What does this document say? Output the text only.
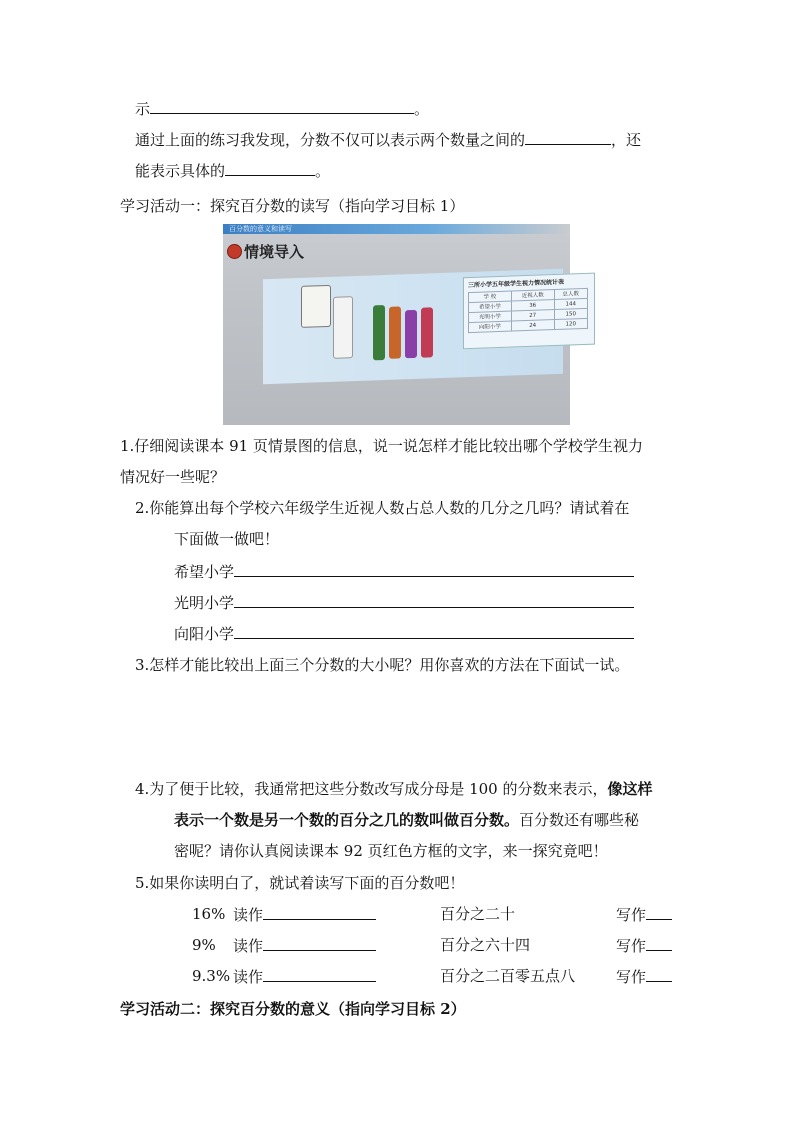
示	。
通过上面的练习我发现，分数不仅可以表示两个数量之间的	，还
能表示具体的	。
学习活动一：探究百分数的读写（指向学习目标 1）
百分数的意义和读写
情境导入
三所小学五年级学生视力情况统计表
学 校	近视人数	总人数
希望小学	36	144
光明小学	27	150
向阳小学	24	120
1.仔细阅读课本 91 页情景图的信息，说一说怎样才能比较出哪个学校学生视力
情况好一些呢？
2.你能算出每个学校六年级学生近视人数占总人数的几分之几吗？请试着在
下面做一做吧！
希望小学
光明小学
向阳小学
3.怎样才能比较出上面三个分数的大小呢？用你喜欢的方法在下面试一试。
4.为了便于比较，我通常把这些分数改写成分母是 100 的分数来表示，像这样
表示一个数是另一个数的百分之几的数叫做百分数。百分数还有哪些秘
密呢？请你认真阅读课本 92 页红色方框的文字，来一探究竟吧！
5.如果你读明白了，就试着读写下面的百分数吧！
16% 读作	百分之二十	写作
9% 读作	百分之六十四	写作
9.3% 读作	百分之二百零五点八	写作
学习活动二：探究百分数的意义（指向学习目标 2）
